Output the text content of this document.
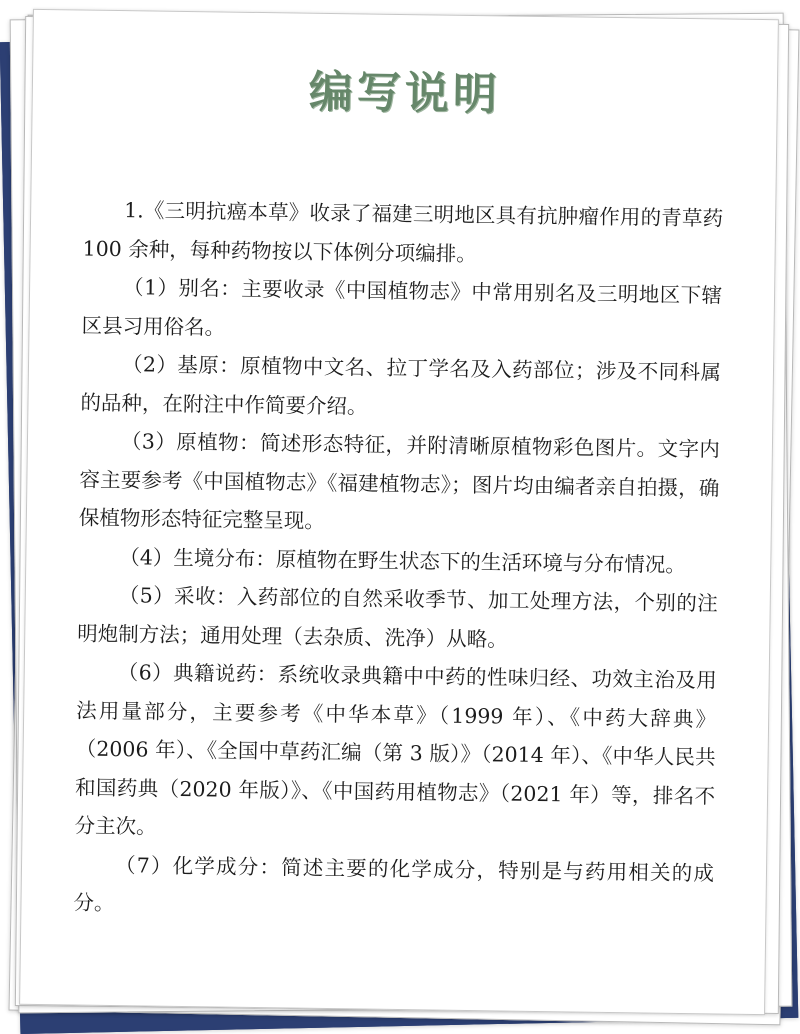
编写说明

1.《三明抗癌本草》收录了福建三明地区具有抗肿瘤作用的青草药 100 余种，每种药物按以下体例分项编排。

（1）别名：主要收录《中国植物志》中常用别名及三明地区下辖区县习用俗名。

（2）基原：原植物中文名、拉丁学名及入药部位；涉及不同科属的品种，在附注中作简要介绍。

（3）原植物：简述形态特征，并附清晰原植物彩色图片。文字内容主要参考《中国植物志》《福建植物志》；图片均由编者亲自拍摄，确保植物形态特征完整呈现。

（4）生境分布：原植物在野生状态下的生活环境与分布情况。

（5）采收：入药部位的自然采收季节、加工处理方法，个别的注明炮制方法；通用处理（去杂质、洗净）从略。

（6）典籍说药：系统收录典籍中中药的性味归经、功效主治及用法用量部分，主要参考《中华本草》（1999 年）、《中药大辞典》（2006 年）、《全国中草药汇编（第 3 版）》（2014 年）、《中华人民共和国药典（2020 年版）》、《中国药用植物志》（2021 年）等，排名不分主次。

（7）化学成分：简述主要的化学成分，特别是与药用相关的成分。
